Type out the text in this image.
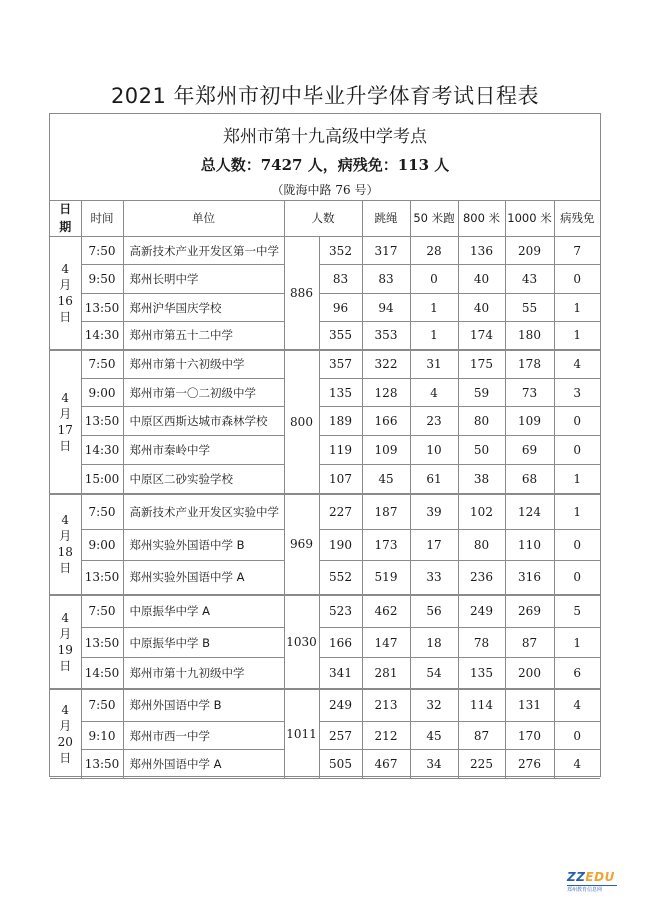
2021 年郑州市初中毕业升学体育考试日程表
郑州市第十九高级中学考点
总人数：7427 人，病残免：113 人
（陇海中路 76 号）
日
期	时间	单位	人数		跳绳	50 米跑	800 米	1000 米	病残免

4
月
16
日	7:50	高新技术产业开发区第一中学	886	352	317	28	136	209	7
	9:50	郑州长明中学		83	83	0	40	43	0
	13:50	郑州沪华国庆学校		96	94	1	40	55	1
	14:30	郑州市第五十二中学		355	353	1	174	180	1

4
月
17
日	7:50	郑州市第十六初级中学	800	357	322	31	175	178	4
	9:00	郑州市第一〇二初级中学		135	128	4	59	73	3
	13:50	中原区西斯达城市森林学校		189	166	23	80	109	0
	14:30	郑州市秦岭中学		119	109	10	50	69	0
	15:00	中原区二砂实验学校		107	45	61	38	68	1

4
月
18
日	7:50	高新技术产业开发区实验中学	969	227	187	39	102	124	1
	9:00	郑州实验外国语中学 B		190	173	17	80	110	0
	13:50	郑州实验外国语中学 A		552	519	33	236	316	0

4
月
19
日	7:50	中原振华中学 A	1030	523	462	56	249	269	5
	13:50	中原振华中学 B		166	147	18	78	87	1
	14:50	郑州市第十九初级中学		341	281	54	135	200	6

4
月
20
日	7:50	郑州外国语中学 B	1011	249	213	32	114	131	4
	9:10	郑州市西一中学		257	212	45	87	170	0
	13:50	郑州外国语中学 A		505	467	34	225	276	4
ZZEDU
郑州教育信息网
